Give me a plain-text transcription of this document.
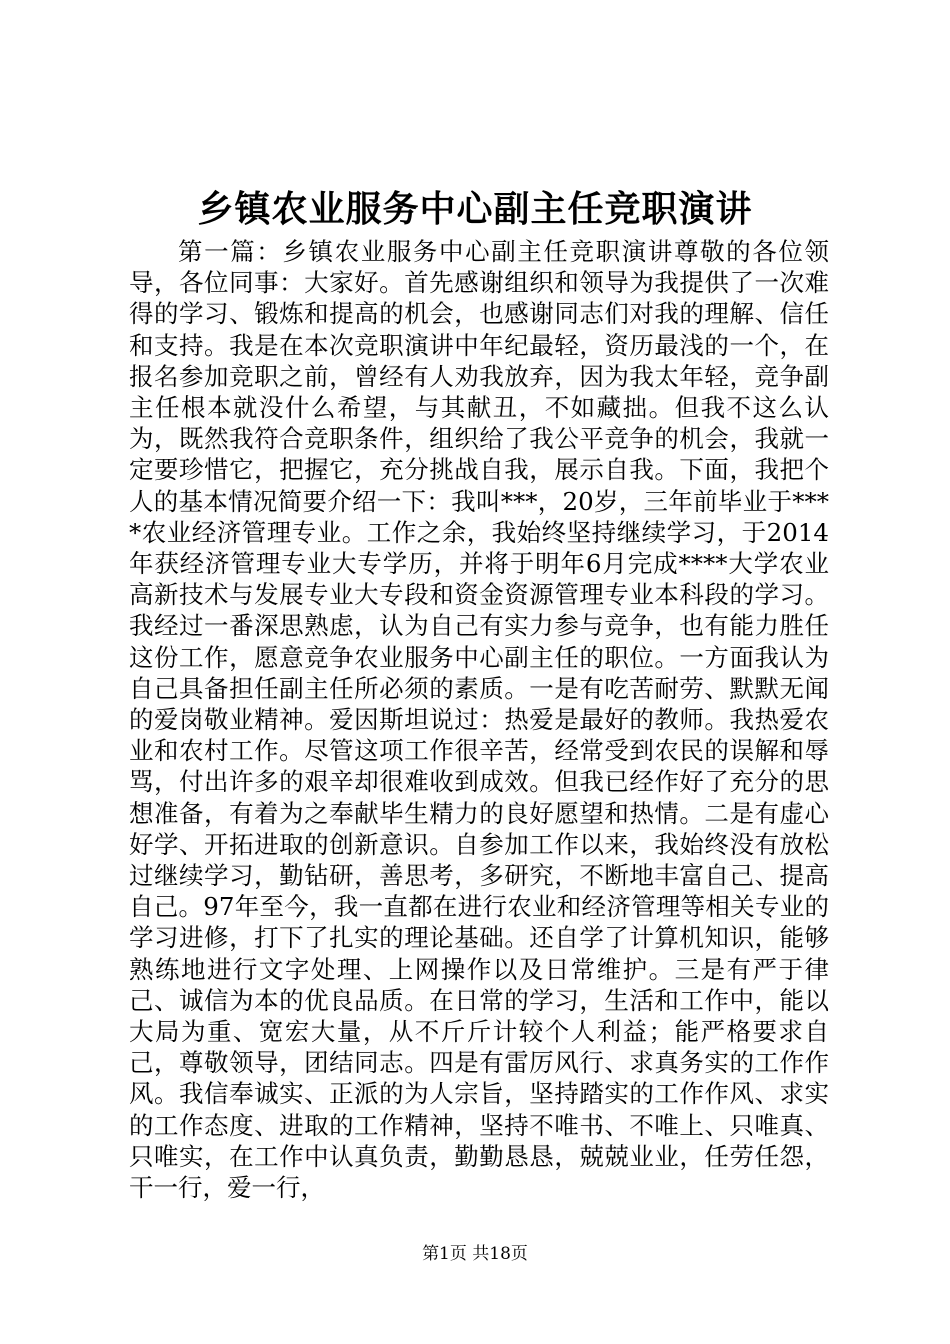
乡镇农业服务中心副主任竞职演讲

第一篇：乡镇农业服务中心副主任竞职演讲尊敬的各位领导，各位同事：大家好。首先感谢组织和领导为我提供了一次难得的学习、锻炼和提高的机会，也感谢同志们对我的理解、信任和支持。我是在本次竞职演讲中年纪最轻，资历最浅的一个，在报名参加竞职之前，曾经有人劝我放弃，因为我太年轻，竞争副主任根本就没什么希望，与其献丑，不如藏拙。但我不这么认为，既然我符合竞职条件，组织给了我公平竞争的机会，我就一定要珍惜它，把握它，充分挑战自我，展示自我。下面，我把个人的基本情况简要介绍一下：我叫***，20岁，三年前毕业于****农业经济管理专业。工作之余，我始终坚持继续学习，于2014年获经济管理专业大专学历，并将于明年6月完成****大学农业高新技术与发展专业大专段和资金资源管理专业本科段的学习。我经过一番深思熟虑，认为自己有实力参与竞争，也有能力胜任这份工作，愿意竞争农业服务中心副主任的职位。一方面我认为自己具备担任副主任所必须的素质。一是有吃苦耐劳、默默无闻的爱岗敬业精神。爱因斯坦说过：热爱是最好的教师。我热爱农业和农村工作。尽管这项工作很辛苦，经常受到农民的误解和辱骂，付出许多的艰辛却很难收到成效。但我已经作好了充分的思想准备，有着为之奉献毕生精力的良好愿望和热情。二是有虚心好学、开拓进取的创新意识。自参加工作以来，我始终没有放松过继续学习，勤钻研，善思考，多研究，不断地丰富自己、提高自己。97年至今，我一直都在进行农业和经济管理等相关专业的学习进修，打下了扎实的理论基础。还自学了计算机知识，能够熟练地进行文字处理、上网操作以及日常维护。三是有严于律己、诚信为本的优良品质。在日常的学习，生活和工作中，能以大局为重、宽宏大量，从不斤斤计较个人利益；能严格要求自己，尊敬领导，团结同志。四是有雷厉风行、求真务实的工作作风。我信奉诚实、正派的为人宗旨，坚持踏实的工作作风、求实的工作态度、进取的工作精神，坚持不唯书、不唯上、只唯真、只唯实，在工作中认真负责，勤勤恳恳，兢兢业业，任劳任怨，干一行，爱一行，

第1页 共18页
